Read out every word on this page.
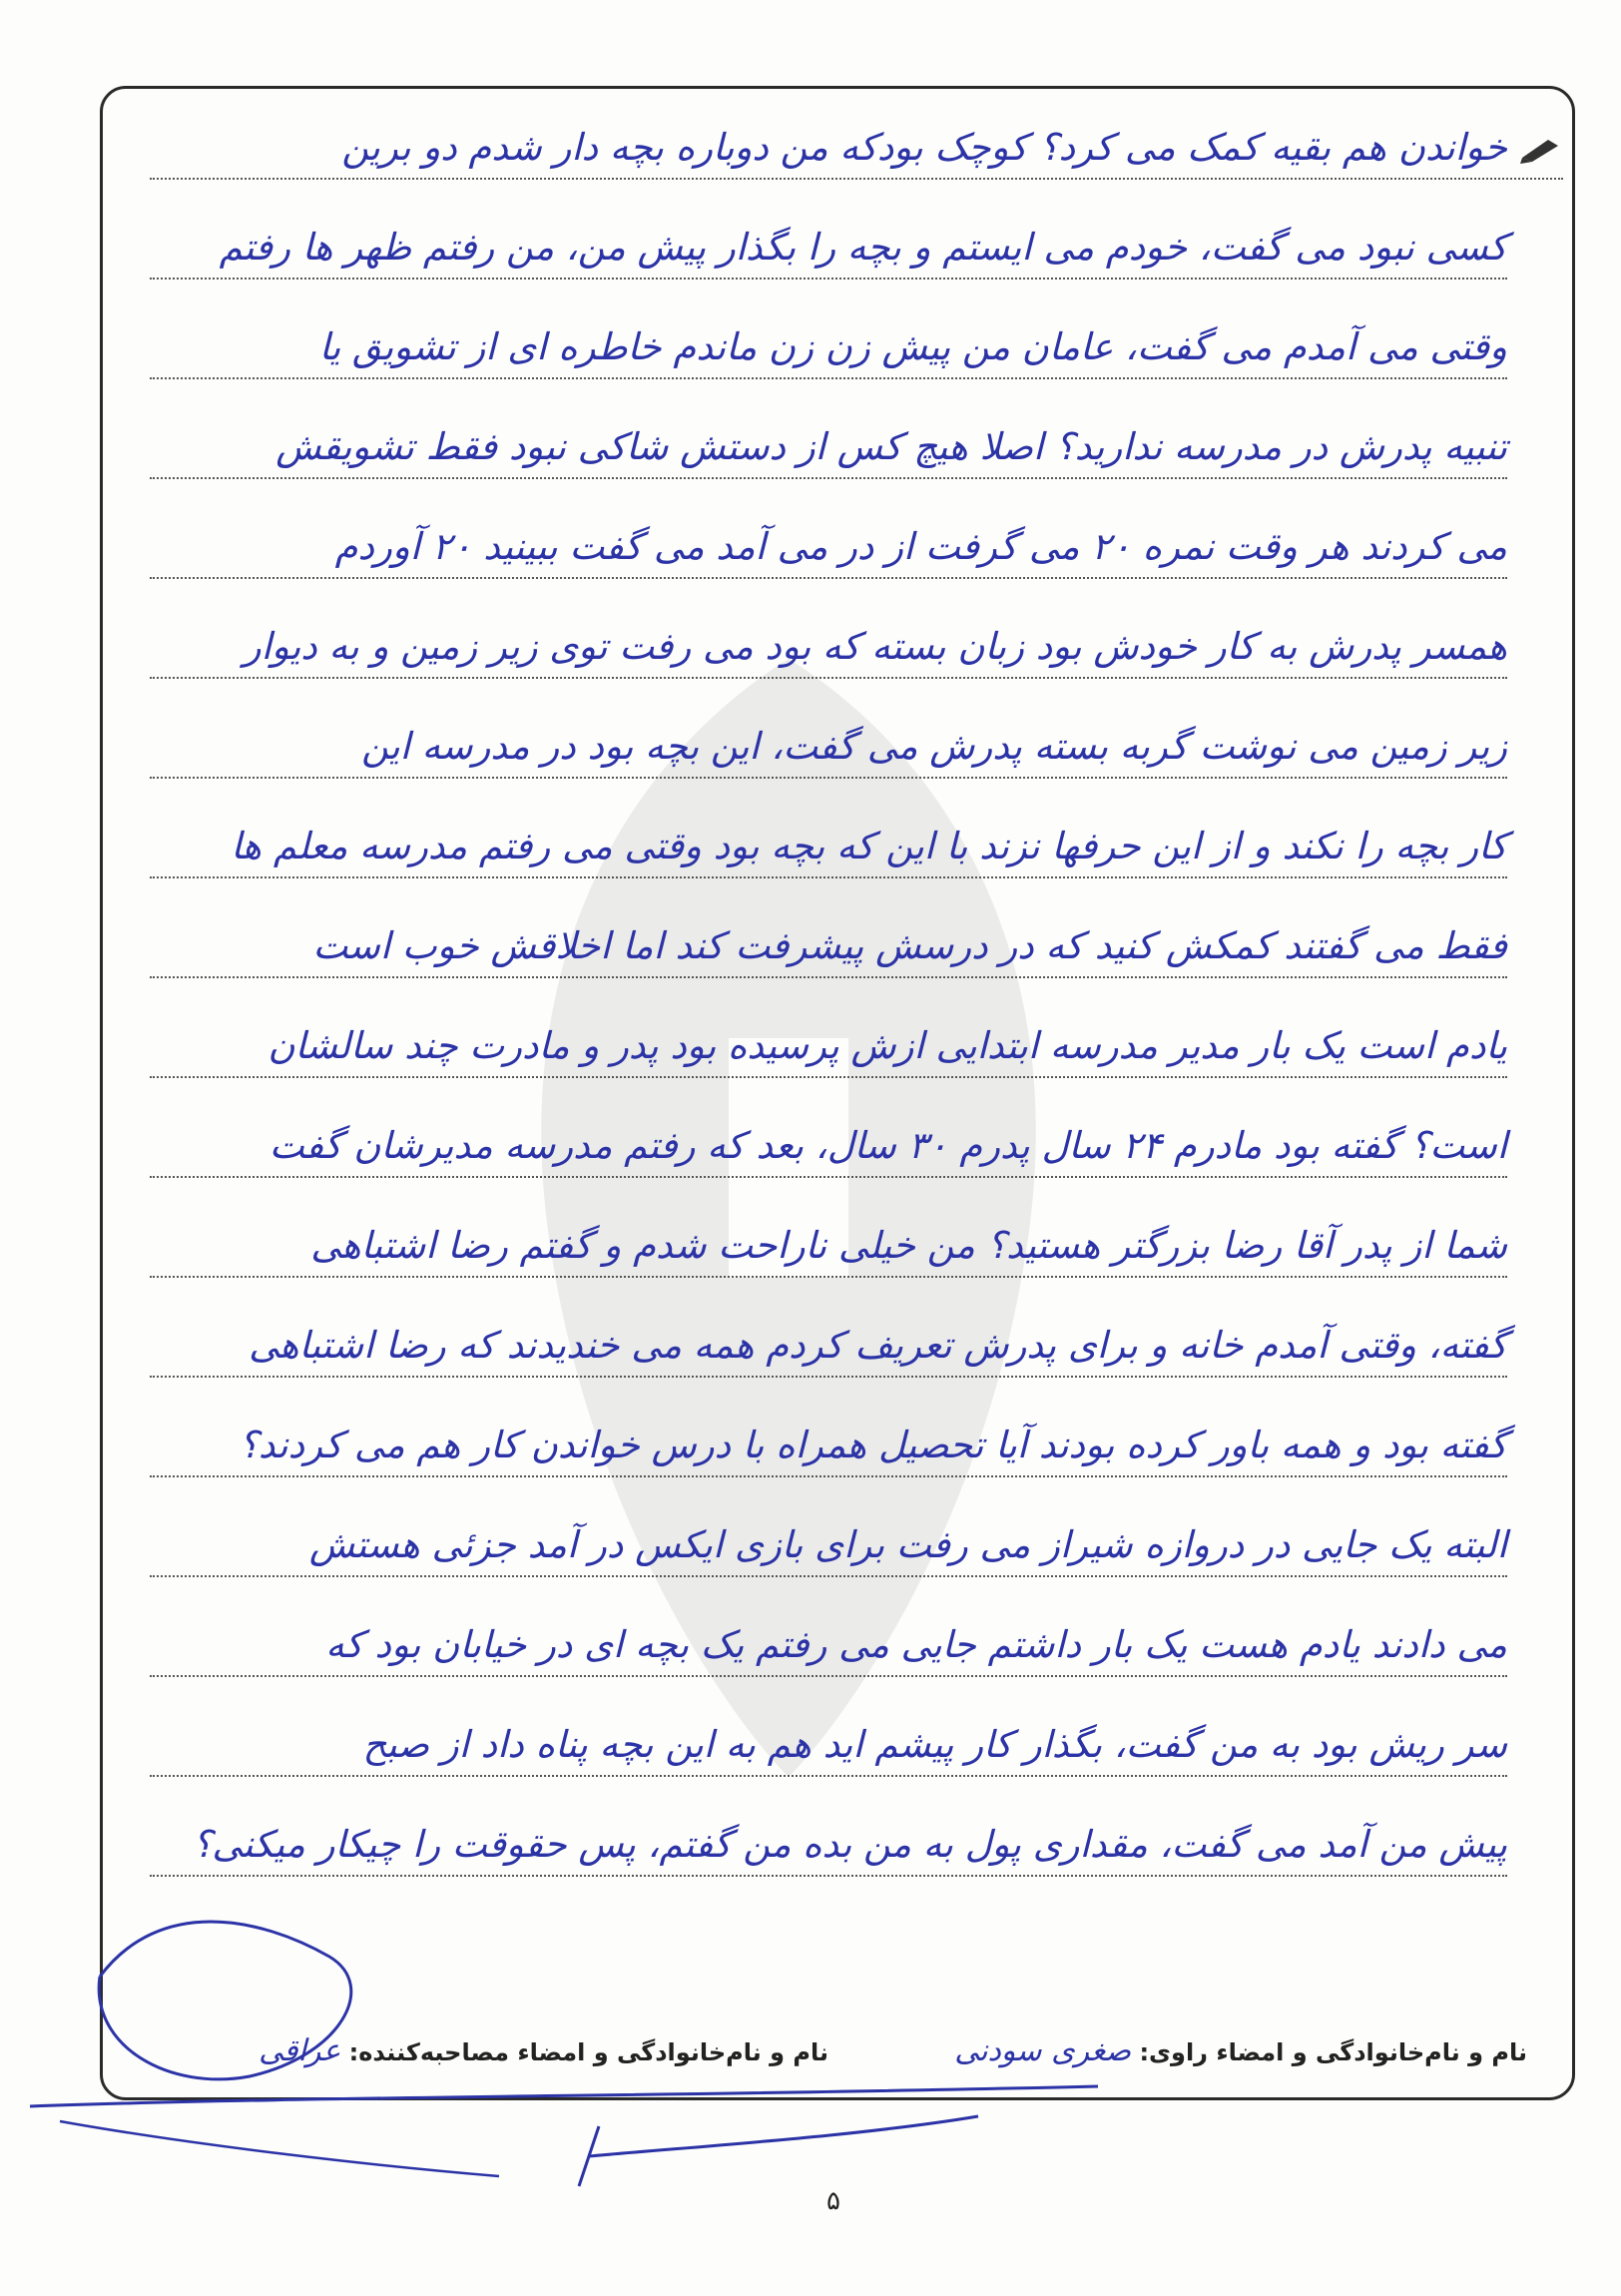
خواندن هم بقیه کمک می کرد؟ کوچک بودکه من دوباره بچه دار شدم دو برین
کسی نبود می گفت، خودم می ایستم و بچه را بگذار پیش من، من رفتم ظهر ها رفتم
وقتی می آمدم می گفت، عامان من پیش زن زن ماندم خاطره ای از تشویق یا
تنبیه پدرش در مدرسه ندارید؟ اصلا هیچ کس از دستش شاکی نبود فقط تشویقش
می کردند هر وقت نمره ۲۰ می گرفت از در می آمد می گفت ببینید ۲۰ آوردم
همسر پدرش به کار خودش بود زبان بسته که بود می رفت توی زیر زمین و به دیوار
زیر زمین می نوشت گربه بسته پدرش می گفت، این بچه بود در مدرسه این
کار بچه را نکند و از این حرفها نزند با این که بچه بود وقتی می رفتم مدرسه معلم ها
فقط می گفتند کمکش کنید که در درسش پیشرفت کند اما اخلاقش خوب است
یادم است یک بار مدیر مدرسه ابتدایی ازش پرسیده بود پدر و مادرت چند سالشان
است؟ گفته بود مادرم ۲۴ سال پدرم ۳۰ سال، بعد که رفتم مدرسه مدیرشان گفت
شما از پدر آقا رضا بزرگتر هستید؟ من خیلی ناراحت شدم و گفتم رضا اشتباهی
گفته، وقتی آمدم خانه و برای پدرش تعریف کردم همه می خندیدند که رضا اشتباهی
گفته بود و همه باور کرده بودند آیا تحصیل همراه با درس خواندن کار هم می کردند؟
البته یک جایی در دروازه شیراز می رفت برای بازی ایکس در آمد جزئی هستش
می دادند یادم هست یک بار داشتم جایی می رفتم یک بچه ای در خیابان بود که
سر ریش بود به من گفت، بگذار کار پیشم اید هم به این بچه پناه داد از صبح
پیش من آمد می گفت، مقداری پول به من بده من گفتم، پس حقوقت را چیکار میکنی؟
نام و نام‌خانوادگی و امضاء راوی: صغری سودنی
نام و نام‌خانوادگی و امضاء مصاحبه‌کننده: عراقی
۵
